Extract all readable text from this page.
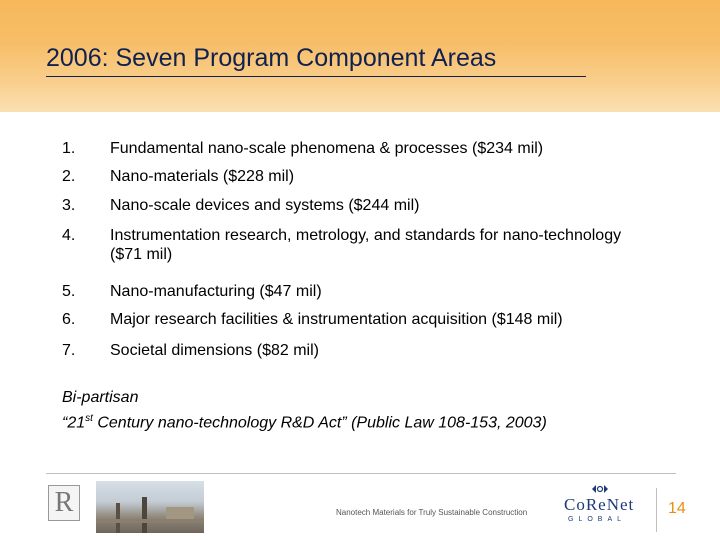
2006: Seven Program Component Areas
1.	Fundamental nano-scale phenomena & processes ($234 mil)
2.	Nano-materials ($228 mil)
3.	Nano-scale devices and systems ($244 mil)
4.	Instrumentation research, metrology, and standards for nano-technology ($71 mil)
5.	Nano-manufacturing ($47 mil)
6.	Major research facilities & instrumentation acquisition ($148 mil)
7.	Societal dimensions ($82 mil)
Bi-partisan
“21st Century nano-technology R&D Act” (Public Law 108-153, 2003)
R	Nanotech Materials for Truly Sustainable Construction CoReNet
GLOBAL
14
